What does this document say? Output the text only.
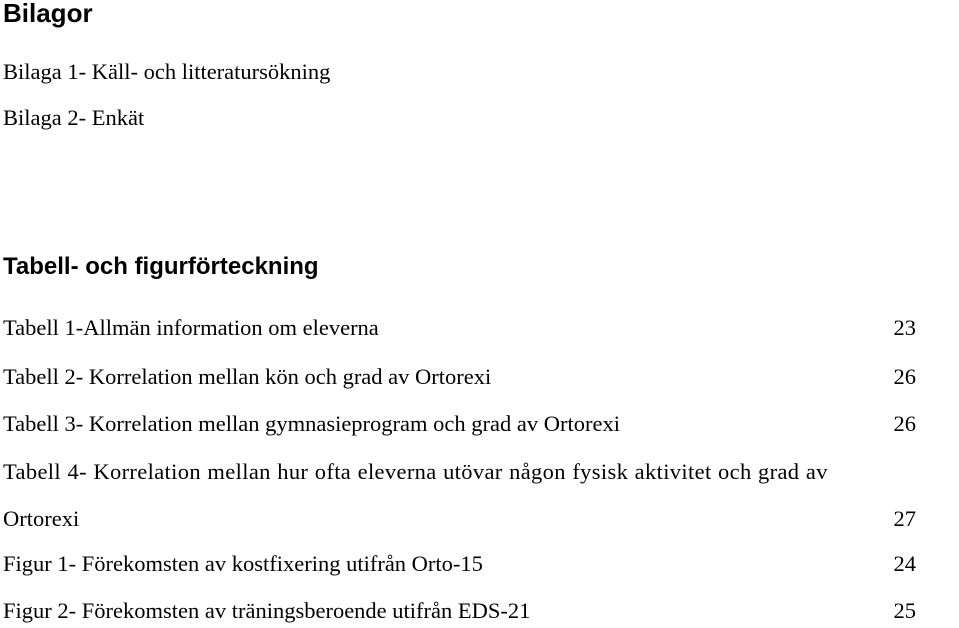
Bilagor
Bilaga 1- Käll- och litteratursökning
Bilaga 2- Enkät
Tabell- och figurförteckning
Tabell 1-Allmän information om eleverna	23
Tabell 2- Korrelation mellan kön och grad av Ortorexi	26
Tabell 3- Korrelation mellan gymnasieprogram och grad av Ortorexi	26
Tabell 4- Korrelation mellan hur ofta eleverna utövar någon fysisk aktivitet och grad av
Ortorexi	27
Figur 1- Förekomsten av kostfixering utifrån Orto-15	24
Figur 2- Förekomsten av träningsberoende utifrån EDS-21	25
